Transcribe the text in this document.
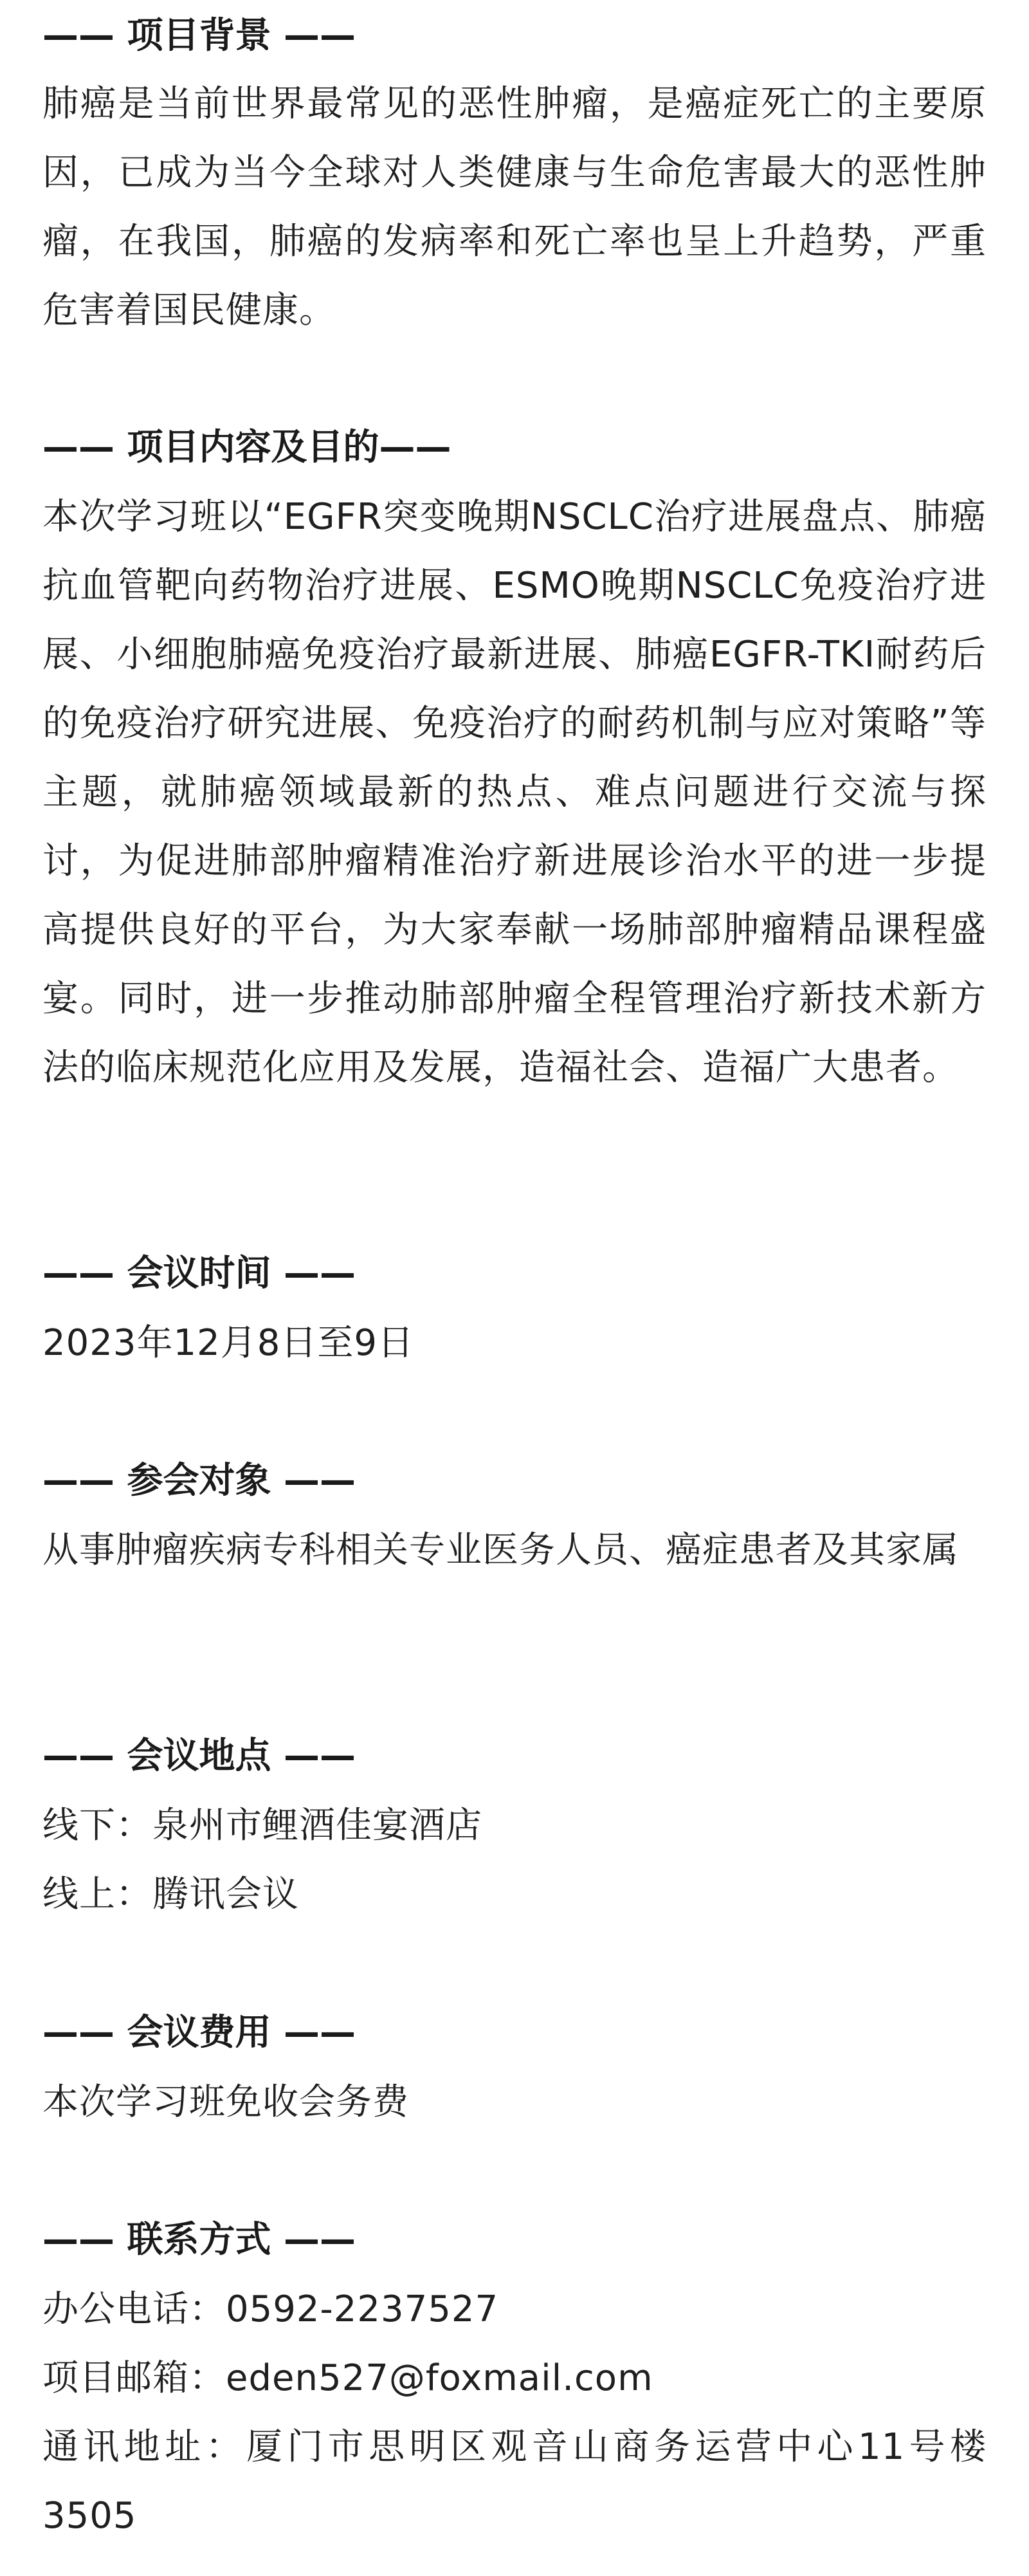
—— 项目背景 ——
肺癌是当前世界最常见的恶性肿瘤，是癌症死亡的主要原因，已成为当今全球对人类健康与生命危害最大的恶性肿瘤，在我国，肺癌的发病率和死亡率也呈上升趋势，严重危害着国民健康。
—— 项目内容及目的——
本次学习班以“EGFR突变晚期NSCLC治疗进展盘点、肺癌抗血管靶向药物治疗进展、ESMO晚期NSCLC免疫治疗进展、小细胞肺癌免疫治疗最新进展、肺癌EGFR-TKI耐药后的免疫治疗研究进展、免疫治疗的耐药机制与应对策略”等主题，就肺癌领域最新的热点、难点问题进行交流与探讨，为促进肺部肿瘤精准治疗新进展诊治水平的进一步提高提供良好的平台，为大家奉献一场肺部肿瘤精品课程盛宴。同时，进一步推动肺部肿瘤全程管理治疗新技术新方法的临床规范化应用及发展，造福社会、造福广大患者。
—— 会议时间 ——
2023年12月8日至9日
—— 参会对象 ——
从事肿瘤疾病专科相关专业医务人员、癌症患者及其家属
—— 会议地点 ——
线下：泉州市鲤酒佳宴酒店
线上：腾讯会议
—— 会议费用 ——
本次学习班免收会务费
—— 联系方式 ——
办公电话：0592-2237527
项目邮箱：eden527@foxmail.com
通讯地址：厦门市思明区观音山商务运营中心11号楼3505
